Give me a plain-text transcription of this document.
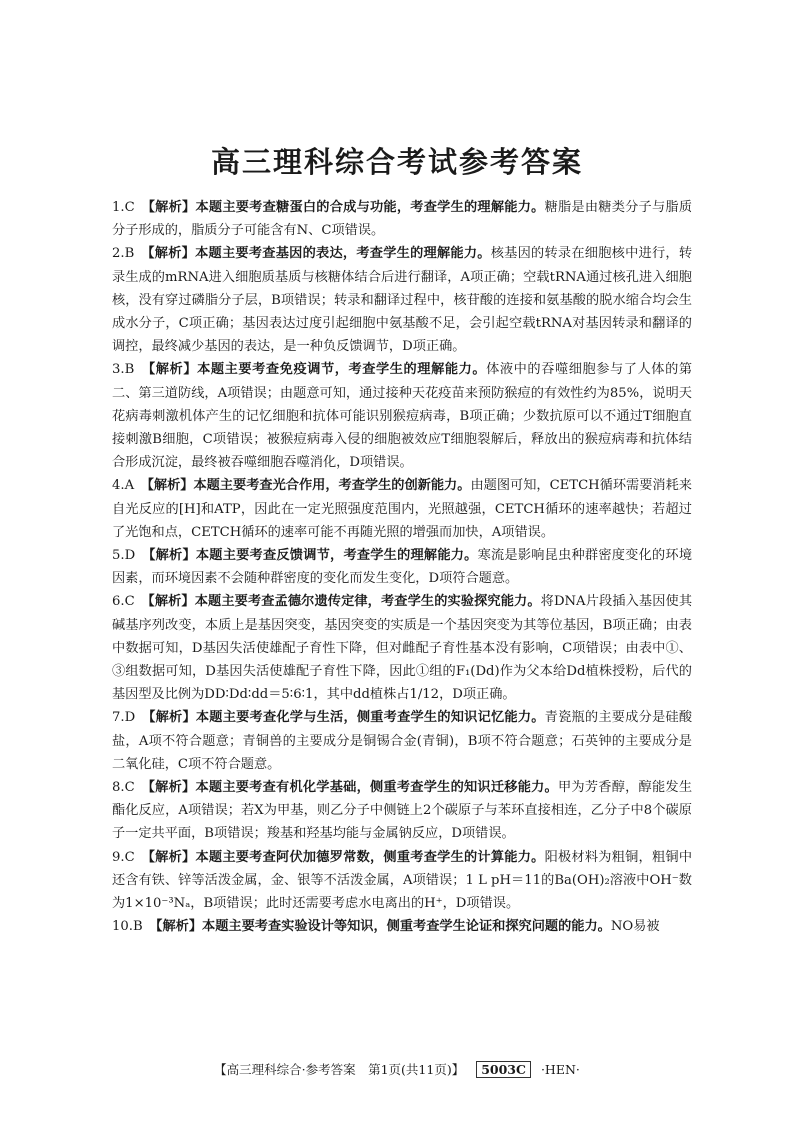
高三理科综合考试参考答案

1.C　 【解析】本题主要考查糖蛋白的合成与功能，考查学生的理解能力。糖脂是由糖类分子与脂质分子形成的，脂质分子可能含有N、C项错误。

2.B　 【解析】本题主要考查基因的表达，考查学生的理解能力。核基因的转录在细胞核中进行，转录生成的mRNA进入细胞质基质与核糖体结合后进行翻译，A项正确；空载tRNA通过核孔进入细胞核，没有穿过磷脂分子层，B项错误；转录和翻译过程中，核苷酸的连接和氨基酸的脱水缩合均会生成水分子，C项正确；基因表达过度引起细胞中氨基酸不足，会引起空载tRNA对基因转录和翻译的调控，最终减少基因的表达，是一种负反馈调节，D项正确。

3.B　 【解析】本题主要考查免疫调节，考查学生的理解能力。体液中的吞噬细胞参与了人体的第二、第三道防线，A项错误；由题意可知，通过接种天花疫苗来预防猴痘的有效性约为85%，说明天花病毒刺激机体产生的记忆细胞和抗体可能识别猴痘病毒，B项正确；少数抗原可以不通过T细胞直接刺激B细胞，C项错误；被猴痘病毒入侵的细胞被效应T细胞裂解后，释放出的猴痘病毒和抗体结合形成沉淀，最终被吞噬细胞吞噬消化，D项错误。

4.A　 【解析】本题主要考查光合作用，考查学生的创新能力。由题图可知，CETCH循环需要消耗来自光反应的[H]和ATP，因此在一定光照强度范围内，光照越强，CETCH循环的速率越快；若超过了光饱和点，CETCH循环的速率可能不再随光照的增强而加快，A项错误。

5.D　 【解析】本题主要考查反馈调节，考查学生的理解能力。寒流是影响昆虫种群密度变化的环境因素，而环境因素不会随种群密度的变化而发生变化，D项符合题意。

6.C　 【解析】本题主要考查孟德尔遗传定律，考查学生的实验探究能力。将DNA片段插入基因使其碱基序列改变，本质上是基因突变，基因突变的实质是一个基因突变为其等位基因，B项正确；由表中数据可知，D基因失活使雄配子育性下降，但对雌配子育性基本没有影响，C项错误；由表中①、③组数据可知，D基因失活使雄配子育性下降，因此①组的F₁(Dd)作为父本给Dd植株授粉，后代的基因型及比例为DD∶Dd∶dd＝5∶6∶1，其中dd植株占1/12，D项正确。

7.D　 【解析】本题主要考查化学与生活，侧重考查学生的知识记忆能力。青瓷瓶的主要成分是硅酸盐，A项不符合题意；青铜兽的主要成分是铜锡合金(青铜)，B项不符合题意；石英钟的主要成分是二氧化硅，C项不符合题意。

8.C　 【解析】本题主要考查有机化学基础，侧重考查学生的知识迁移能力。甲为芳香醇，醇能发生酯化反应，A项错误；若X为甲基，则乙分子中侧链上2个碳原子与苯环直接相连，乙分子中8个碳原子一定共平面，B项错误；羧基和羟基均能与金属钠反应，D项错误。

9.C　 【解析】本题主要考查阿伏加德罗常数，侧重考查学生的计算能力。阳极材料为粗铜，粗铜中还含有铁、锌等活泼金属，金、银等不活泼金属，A项错误；1 L pH＝11的Ba(OH)₂溶液中OH⁻数为1×10⁻³Nₐ，B项错误；此时还需要考虑水电离出的H⁺，D项错误。

10.B　 【解析】本题主要考查实验设计等知识，侧重考查学生论证和探究问题的能力。NO易被

【高三理科综合·参考答案　第1页(共11页)】 5003C ·HEN·
